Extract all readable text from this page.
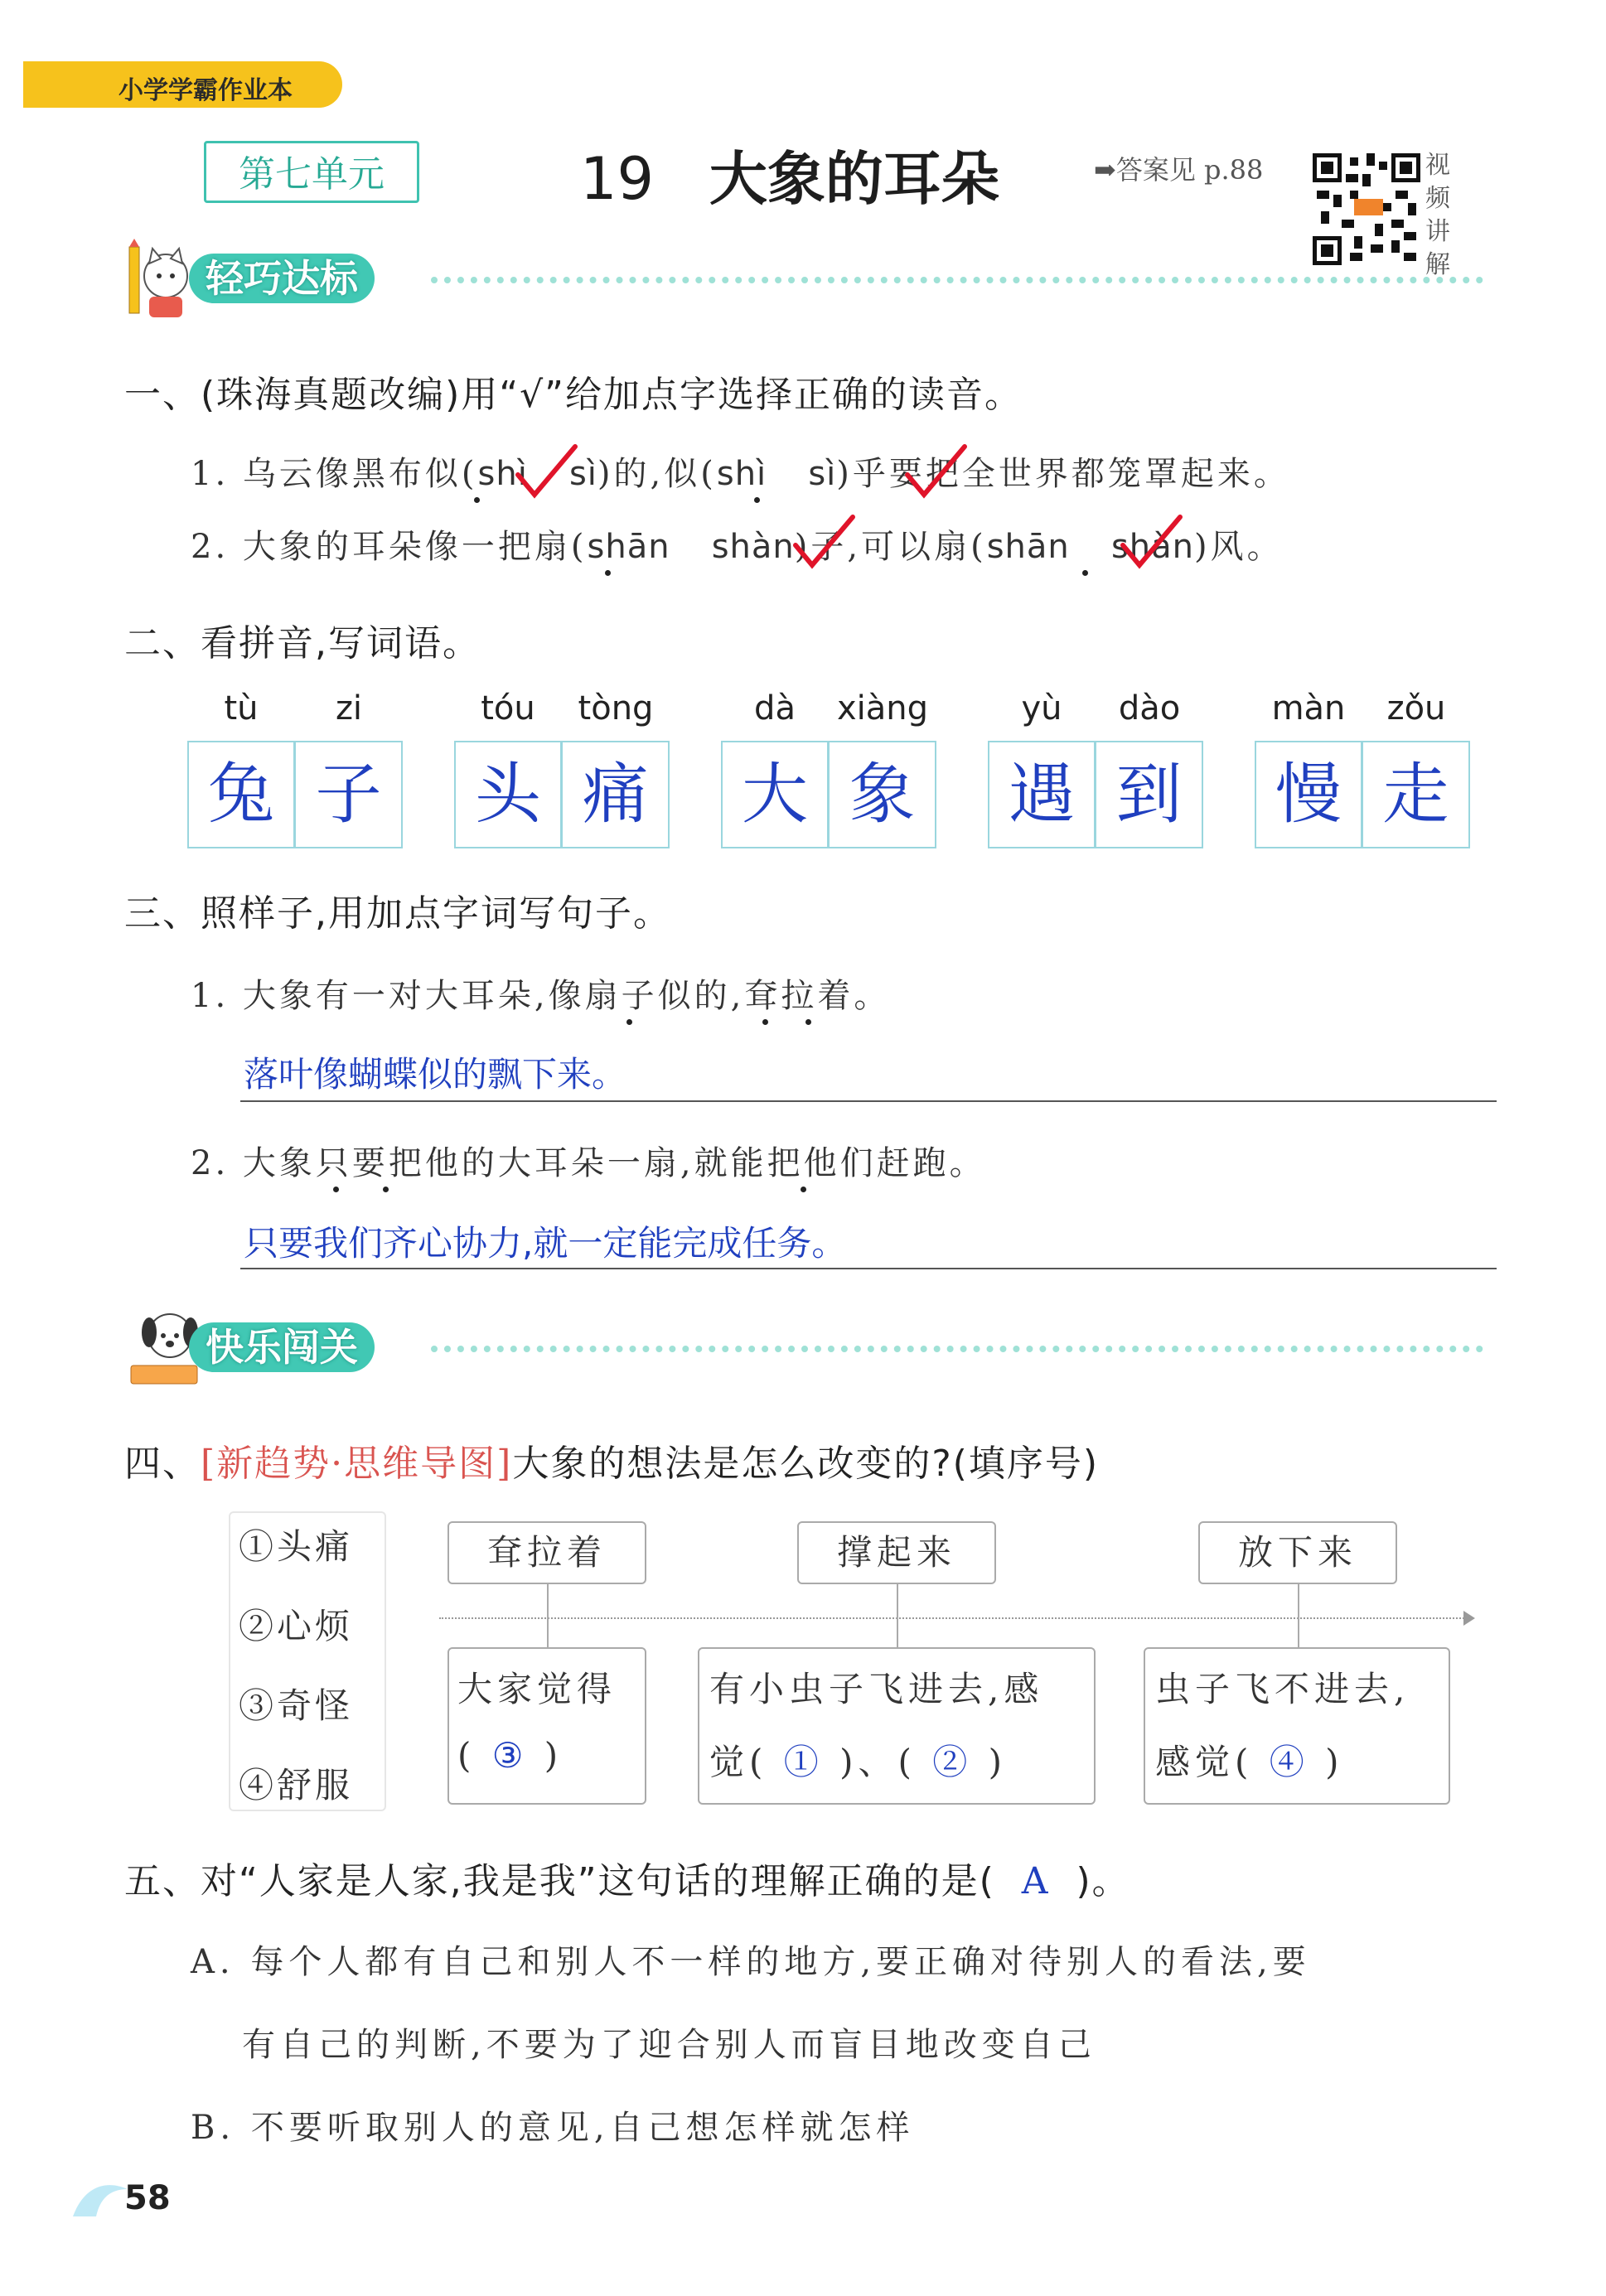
小学学霸作业本
第七单元	19 大象的耳朵	➡答案见 p.88	视频讲解
轻巧达标
一、(珠海真题改编)用“√”给加点字选择正确的读音。
1. 乌云像黑布似(shì sì)的,似(shì sì)乎要把全世界都笼罩起来。
2. 大象的耳朵像一把扇(shān shàn)子,可以扇(shān shàn)风。
二、看拼音,写词语。
tù	zi
兔 子
tóu	tòng
头 痛
dà	xiàng
大 象
yù	dào
遇 到
màn	zǒu
慢 走
三、照样子,用加点字词写句子。
1. 大象有一对大耳朵,像扇子似的,耷拉着。
落叶像蝴蝶似的飘下来。
2. 大象只要把他的大耳朵一扇,就能把他们赶跑。
只要我们齐心协力,就一定能完成任务。
快乐闯关
四、[新趋势·思维导图]大象的想法是怎么改变的?(填序号)
①头痛
②心烦
③奇怪
④舒服
耷拉着
大家觉得
( ③ )
撑起来
有小虫子飞进去,感
觉( ① )、( ② )
放下来
虫子飞不进去,
感觉( ④ )
五、对“人家是人家,我是我”这句话的理解正确的是( A )。
A. 每个人都有自己和别人不一样的地方,要正确对待别人的看法,要
有自己的判断,不要为了迎合别人而盲目地改变自己
B. 不要听取别人的意见,自己想怎样就怎样
58
